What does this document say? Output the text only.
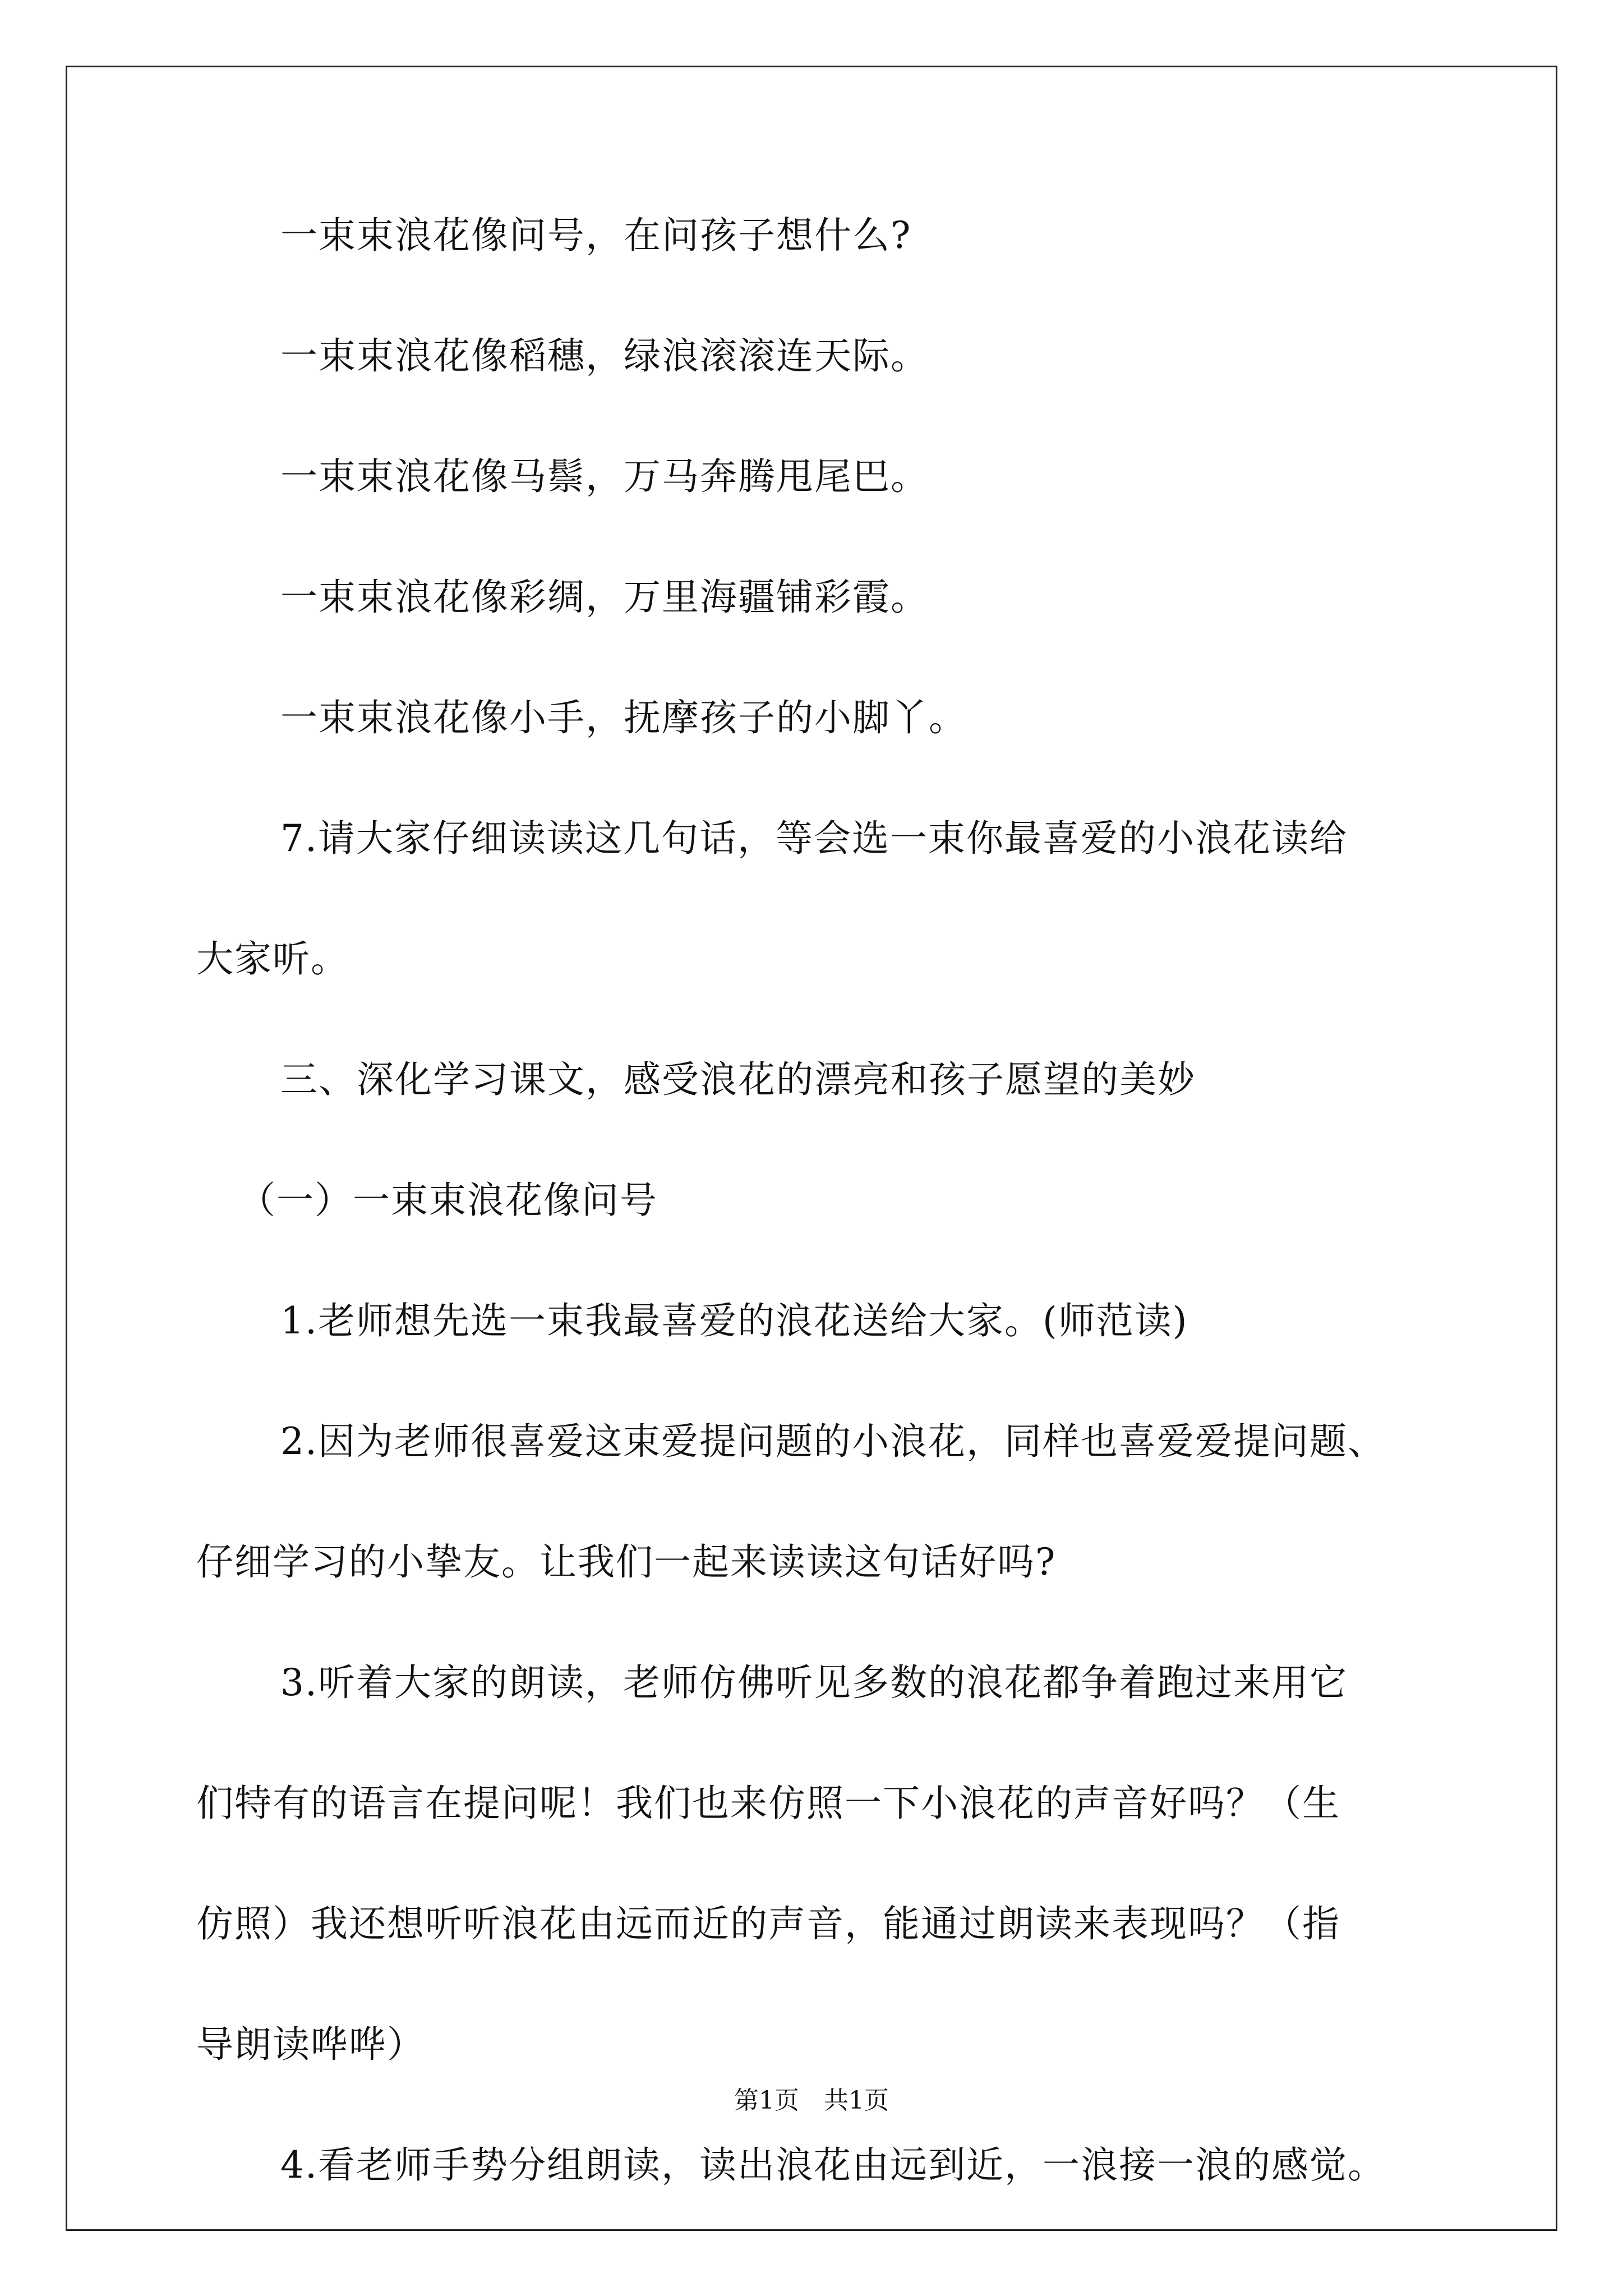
一束束浪花像问号，在问孩子想什么?

一束束浪花像稻穗，绿浪滚滚连天际。

一束束浪花像马鬃，万马奔腾甩尾巴。

一束束浪花像彩绸，万里海疆铺彩霞。

一束束浪花像小手，抚摩孩子的小脚丫。

7.请大家仔细读读这几句话，等会选一束你最喜爱的小浪花读给

大家听。

三、深化学习课文，感受浪花的漂亮和孩子愿望的美妙

（一）一束束浪花像问号

1.老师想先选一束我最喜爱的浪花送给大家。(师范读)

2.因为老师很喜爱这束爱提问题的小浪花，同样也喜爱爱提问题、

仔细学习的小挚友。让我们一起来读读这句话好吗?

3.听着大家的朗读，老师仿佛听见多数的浪花都争着跑过来用它

们特有的语言在提问呢！我们也来仿照一下小浪花的声音好吗？（生

仿照）我还想听听浪花由远而近的声音，能通过朗读来表现吗？（指

导朗读哗哗）

4.看老师手势分组朗读，读出浪花由远到近，一浪接一浪的感觉。

第1页　共1页
